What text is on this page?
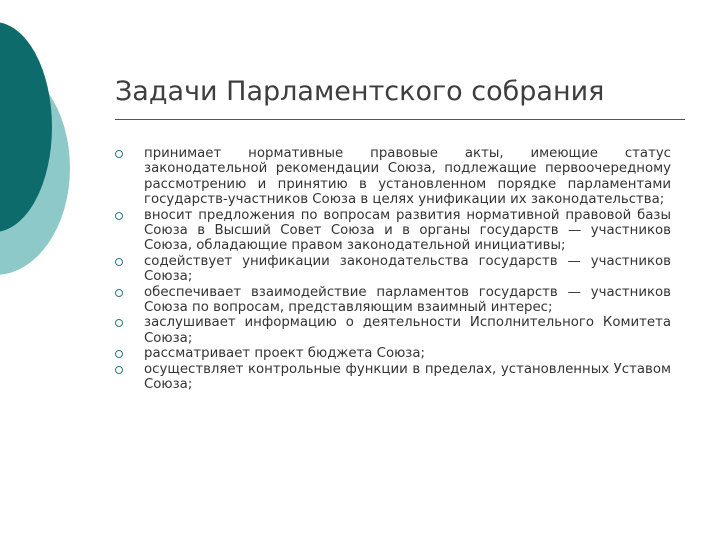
Задачи Парламентского собрания
принимает нормативные правовые акты, имеющие статус законодательной рекомендации Союза, подлежащие первоочередному рассмотрению и принятию в установленном порядке парламентами государств-участников Союза в целях унификации их законодательства;
вносит предложения по вопросам развития нормативной правовой базы Союза в Высший Совет Союза и в органы государств — участников Союза, обладающие правом законодательной инициативы;
содействует унификации законодательства государств — участников Союза;
обеспечивает взаимодействие парламентов государств — участников Союза по вопросам, представляющим взаимный интерес;
заслушивает информацию о деятельности Исполнительного Комитета Союза;
рассматривает проект бюджета Союза;
осуществляет контрольные функции в пределах, установленных Уставом Союза;
